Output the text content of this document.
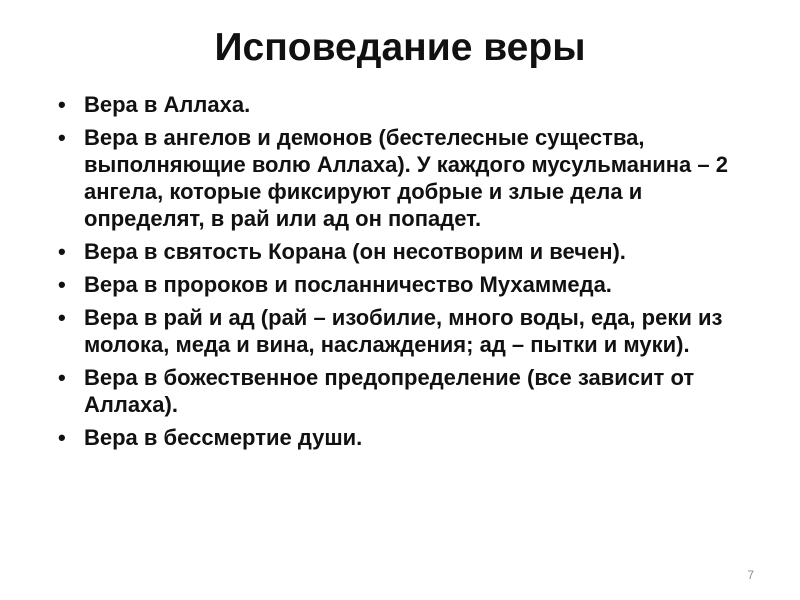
Исповедание веры
• Вера в Аллаха.
• Вера в ангелов и демонов (бестелесные существа, выполняющие волю Аллаха). У каждого мусульманина – 2 ангела, которые фиксируют добрые и злые дела и определят, в рай или ад он попадет.
• Вера в святость Корана (он несотворим и вечен).
• Вера в пророков и посланничество Мухаммеда.
• Вера в рай и ад (рай – изобилие, много воды, еда, реки из молока, меда и вина, наслаждения; ад – пытки и муки).
• Вера в божественное предопределение (все зависит от Аллаха).
• Вера в бессмертие души.
7
